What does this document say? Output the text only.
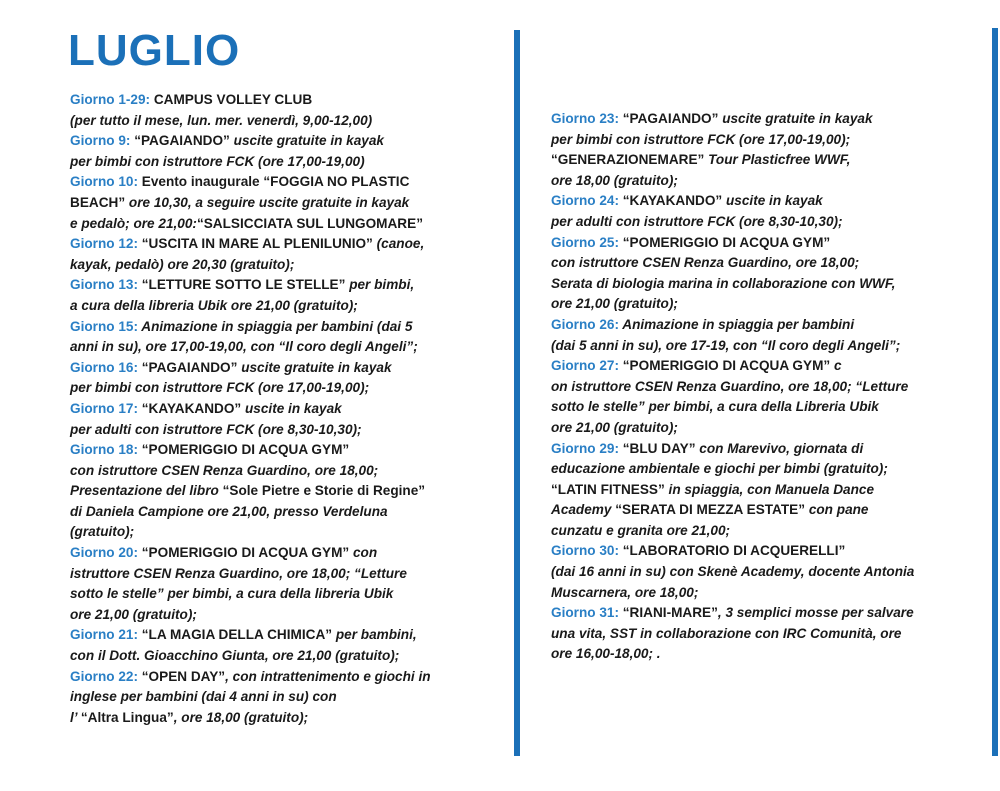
LUGLIO
Giorno 1-29: CAMPUS VOLLEY CLUB
(per tutto il mese, lun. mer. venerdì, 9,00-12,00)
Giorno 9: “PAGAIANDO” uscite gratuite in kayak
per bimbi con istruttore FCK (ore 17,00-19,00)
Giorno 10: Evento inaugurale “FOGGIA NO PLASTIC
BEACH” ore 10,30, a seguire uscite gratuite in kayak
e pedalò; ore 21,00:“SALSICCIATA SUL LUNGOMARE”
Giorno 12: “USCITA IN MARE AL PLENILUNIO” (canoe,
kayak, pedalò) ore 20,30 (gratuito);
Giorno 13: “LETTURE SOTTO LE STELLE” per bimbi,
a cura della libreria Ubik ore 21,00 (gratuito);
Giorno 15: Animazione in spiaggia per bambini (dai 5
anni in su), ore 17,00-19,00, con “Il coro degli Angeli”;
Giorno 16: “PAGAIANDO” uscite gratuite in kayak
per bimbi con istruttore FCK (ore 17,00-19,00);
Giorno 17: “KAYAKANDO” uscite in kayak
per adulti con istruttore FCK (ore 8,30-10,30);
Giorno 18: “POMERIGGIO DI ACQUA GYM”
con istruttore CSEN Renza Guardino, ore 18,00;
Presentazione del libro “Sole Pietre e Storie di Regine”
di Daniela Campione ore 21,00, presso Verdeluna
(gratuito);
Giorno 20: “POMERIGGIO DI ACQUA GYM” con
istruttore CSEN Renza Guardino, ore 18,00; “Letture
sotto le stelle” per bimbi, a cura della libreria Ubik
ore 21,00 (gratuito);
Giorno 21: “LA MAGIA DELLA CHIMICA” per bambini,
con il Dott. Gioacchino Giunta, ore 21,00 (gratuito);
Giorno 22: “OPEN DAY”, con intrattenimento e giochi in
inglese per bambini (dai 4 anni in su) con
l’ “Altra Lingua”, ore 18,00 (gratuito);
Giorno 23: “PAGAIANDO” uscite gratuite in kayak
per bimbi con istruttore FCK (ore 17,00-19,00);
“GENERAZIONEMARE” Tour Plasticfree WWF,
ore 18,00 (gratuito);
Giorno 24: “KAYAKANDO” uscite in kayak
per adulti con istruttore FCK (ore 8,30-10,30);
Giorno 25: “POMERIGGIO DI ACQUA GYM”
con istruttore CSEN Renza Guardino, ore 18,00;
Serata di biologia marina in collaborazione con WWF,
ore 21,00 (gratuito);
Giorno 26: Animazione in spiaggia per bambini
(dai 5 anni in su), ore 17-19, con “Il coro degli Angeli”;
Giorno 27: “POMERIGGIO DI ACQUA GYM” c
on istruttore CSEN Renza Guardino, ore 18,00; “Letture
sotto le stelle” per bimbi, a cura della Libreria Ubik
ore 21,00 (gratuito);
Giorno 29: “BLU DAY” con Marevivo, giornata di
educazione ambientale e giochi per bimbi (gratuito);
“LATIN FITNESS” in spiaggia, con Manuela Dance
Academy “SERATA DI MEZZA ESTATE” con pane
cunzatu e granita ore 21,00;
Giorno 30: “LABORATORIO DI ACQUERELLI”
(dai 16 anni in su) con Skenè Academy, docente Antonia
Muscarnera, ore 18,00;
Giorno 31: “RIANI-MARE”, 3 semplici mosse per salvare
una vita, SST in collaborazione con IRC Comunità, ore
ore 16,00-18,00; .
